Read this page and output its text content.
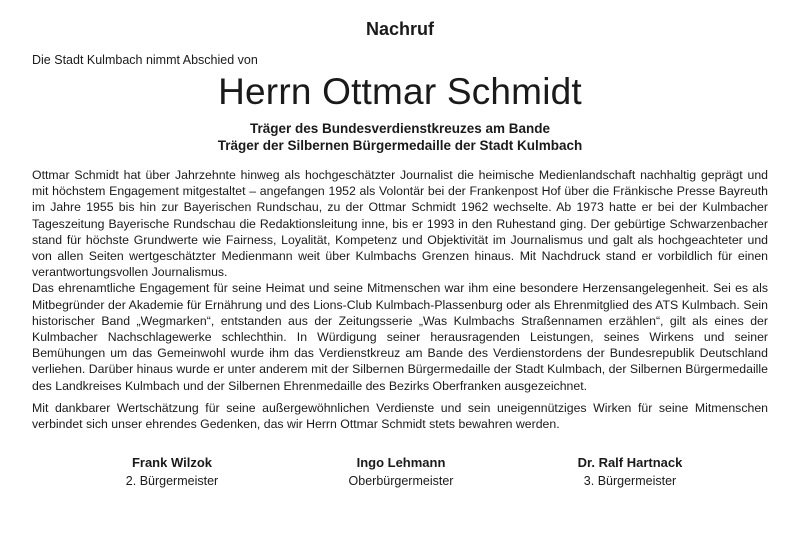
Nachruf

Die Stadt Kulmbach nimmt Abschied von

Herrn Ottmar Schmidt

Träger des Bundesverdienstkreuzes am Bande

Träger der Silbernen Bürgermedaille der Stadt Kulmbach

Ottmar Schmidt hat über Jahrzehnte hinweg als hochgeschätzter Journalist die heimische Medienlandschaft nachhaltig geprägt und mit höchstem Engagement mitgestaltet – angefangen 1952 als Volontär bei der Frankenpost Hof über die Fränkische Presse Bayreuth im Jahre 1955 bis hin zur Bayerischen Rundschau, zu der Ottmar Schmidt 1962 wechselte. Ab 1973 hatte er bei der Kulmbacher Tageszeitung Bayerische Rundschau die Redaktionsleitung inne, bis er 1993 in den Ruhestand ging. Der gebürtige Schwarzenbacher stand für höchste Grundwerte wie Fairness, Loyalität, Kompetenz und Objektivität im Journalismus und galt als hochgeachteter und von allen Seiten wertgeschätzter Medienmann weit über Kulmbachs Grenzen hinaus. Mit Nachdruck stand er vorbildlich für einen verantwortungsvollen Journalismus.

Das ehrenamtliche Engagement für seine Heimat und seine Mitmenschen war ihm eine besondere Herzensangelegenheit. Sei es als Mitbegründer der Akademie für Ernährung und des Lions-Club Kulmbach-Plassenburg oder als Ehrenmitglied des ATS Kulmbach. Sein historischer Band „Wegmarken“, entstanden aus der Zeitungsserie „Was Kulmbachs Straßennamen erzählen“, gilt als eines der Kulmbacher Nachschlagewerke schlechthin. In Würdigung seiner herausragenden Leistungen, seines Wirkens und seiner Bemühungen um das Gemeinwohl wurde ihm das Verdienstkreuz am Bande des Verdienstordens der Bundesrepublik Deutschland verliehen. Darüber hinaus wurde er unter anderem mit der Silbernen Bürgermedaille der Stadt Kulmbach, der Silbernen Bürgermedaille des Landkreises Kulmbach und der Silbernen Ehrenmedaille des Bezirks Oberfranken ausgezeichnet.

Mit dankbarer Wertschätzung für seine außergewöhnlichen Verdienste und sein uneigennütziges Wirken für seine Mitmenschen verbindet sich unser ehrendes Gedenken, das wir Herrn Ottmar Schmidt stets bewahren werden.

Frank Wilzok
2. Bürgermeister
Ingo Lehmann
Oberbürgermeister
Dr. Ralf Hartnack
3. Bürgermeister
